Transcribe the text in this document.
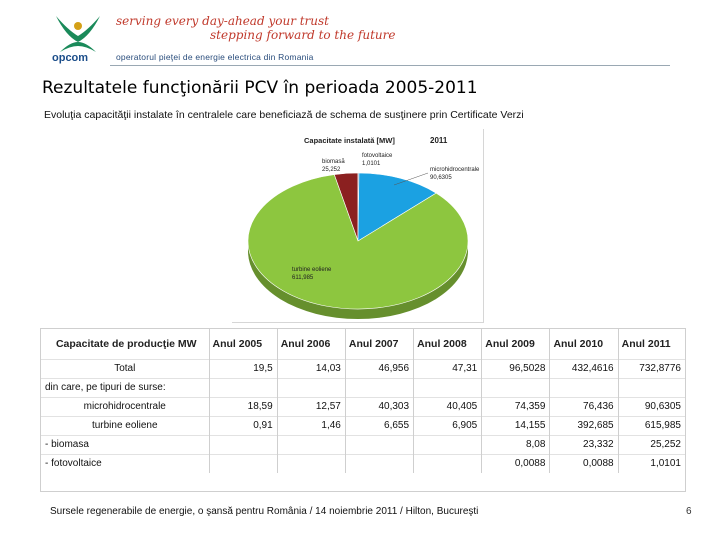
opcom
serving every day-ahead your trust
stepping forward to the future
operatorul pieţei de energie electrica din Romania
Rezultatele funcţionării PCV în perioada 2005-2011
Evoluţia capacităţii instalate în centralele care beneficiază de schema de susţinere prin Certificate Verzi
Capacitate instalată [MW]	2011
biomasă
25,252
fotovoltaice
1,0101
microhidrocentrale
90,6305
turbine eoliene
611,985
Capacitate de producţie MW	Anul 2005	Anul 2006	Anul 2007	Anul 2008	Anul 2009	Anul 2010	Anul 2011
Total	19,5	14,03	46,956	47,31	96,5028	432,4616	732,8776
din care, pe tipuri de surse:							
microhidrocentrale	18,59	12,57	40,303	40,405	74,359	76,436	90,6305
turbine eoliene	0,91	1,46	6,655	6,905	14,155	392,685	615,985
- biomasa					8,08	23,332	25,252
- fotovoltaice					0,0088	0,0088	1,0101
Sursele regenerabile de energie, o şansă pentru România / 14 noiembrie 2011 / Hilton, Bucureşti	6
